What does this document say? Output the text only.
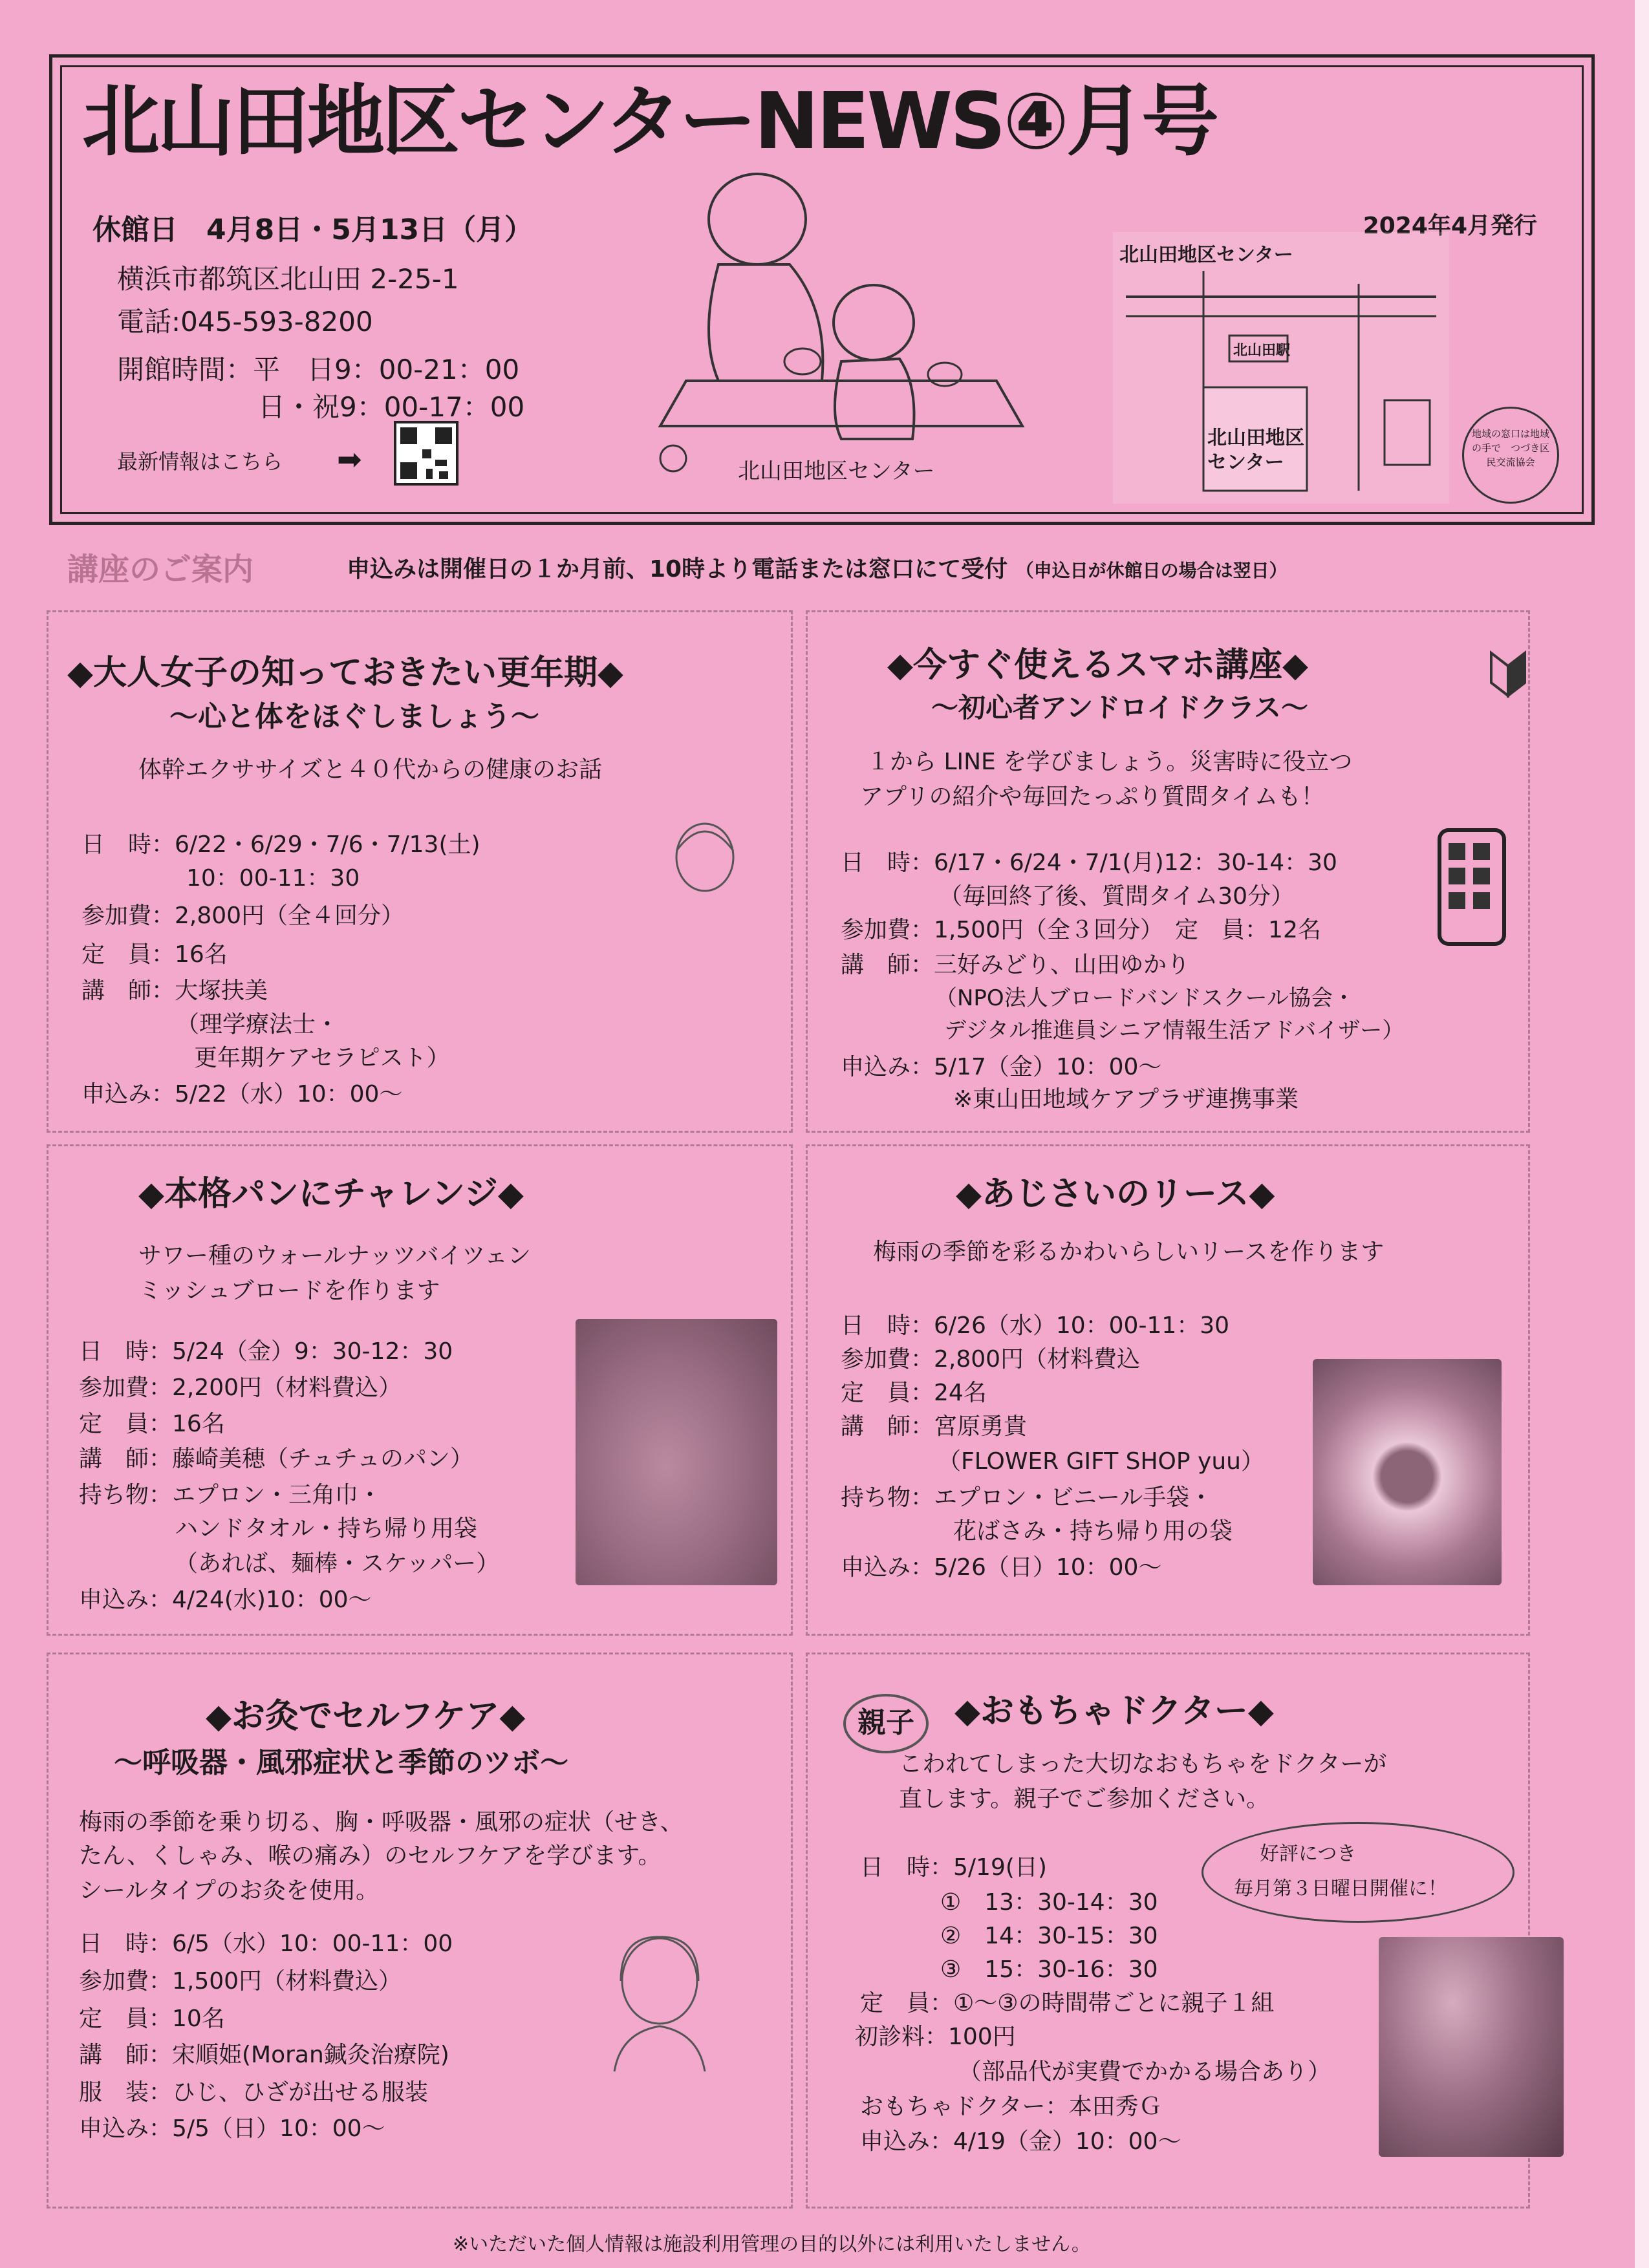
北山田地区センターNEWS④月号
休館日　4月8日・5月13日（月）	2024年4月発行
横浜市都筑区北山田 2-25-1
電話:045-593-8200
開館時間：平　日9：00-21：00
日・祝9：00-17：00
最新情報はこちら ➡	北山田地区センター
北山田地区センター
北山田駅
北山田地区センター
地域の窓口は地域の手で　つづき区民交流協会
講座のご案内	申込みは開催日の１か月前、10時より電話または窓口にて受付 （申込日が休館日の場合は翌日）
◆大人女子の知っておきたい更年期◆
～心と体をほぐしましょう～
体幹エクササイズと４０代からの健康のお話
日　時：6/22・6/29・7/6・7/13(土)
10：00-11：30
参加費：2,800円（全４回分）
定　員：16名
講　師：大塚扶美
（理学療法士・
更年期ケアセラピスト）
申込み：5/22（水）10：00～
◆今すぐ使えるスマホ講座◆
～初心者アンドロイドクラス～
１から LINE を学びましょう。災害時に役立つ
アプリの紹介や毎回たっぷり質問タイムも！
日　時：6/17・6/24・7/1(月)12：30-14：30
（毎回終了後、質問タイム30分）
参加費：1,500円（全３回分）　定　員：12名
講　師：三好みどり、山田ゆかり
（NPO法人ブロードバンドスクール協会・
デジタル推進員シニア情報生活アドバイザー）
申込み：5/17（金）10：00～
※東山田地域ケアプラザ連携事業
◆本格パンにチャレンジ◆
サワー種のウォールナッツバイツェン
ミッシュブロードを作ります
日　時：5/24（金）9：30-12：30
参加費：2,200円（材料費込）
定　員：16名
講　師：藤崎美穂（チュチュのパン）
持ち物：エプロン・三角巾・
ハンドタオル・持ち帰り用袋
（あれば、麺棒・スケッパー）
申込み：4/24(水)10：00～
◆あじさいのリース◆
梅雨の季節を彩るかわいらしいリースを作ります
日　時：6/26（水）10：00-11：30
参加費：2,800円（材料費込
定　員：24名
講　師：宮原勇貴
（FLOWER GIFT SHOP yuu）
持ち物：エプロン・ビニール手袋・
花ばさみ・持ち帰り用の袋
申込み：5/26（日）10：00～
◆お灸でセルフケア◆
～呼吸器・風邪症状と季節のツボ～
梅雨の季節を乗り切る、胸・呼吸器・風邪の症状（せき、
たん、くしゃみ、喉の痛み）のセルフケアを学びます。
シールタイプのお灸を使用。
日　時：6/5（水）10：00-11：00
参加費：1,500円（材料費込）
定　員：10名
講　師：宋順姫(Moran鍼灸治療院)
服　装：ひじ、ひざが出せる服装
申込み：5/5（日）10：00～
親子	◆おもちゃドクター◆
こわれてしまった大切なおもちゃをドクターが
直します。親子でご参加ください。
好評につき
毎月第３日曜日開催に！
日　時：5/19(日)
①　13：30-14：30
②　14：30-15：30
③　15：30-16：30
定　員：①～③の時間帯ごとに親子１組
初診料：100円
（部品代が実費でかかる場合あり）
おもちゃドクター：本田秀Ｇ
申込み：4/19（金）10：00～
※いただいた個人情報は施設利用管理の目的以外には利用いたしません。
